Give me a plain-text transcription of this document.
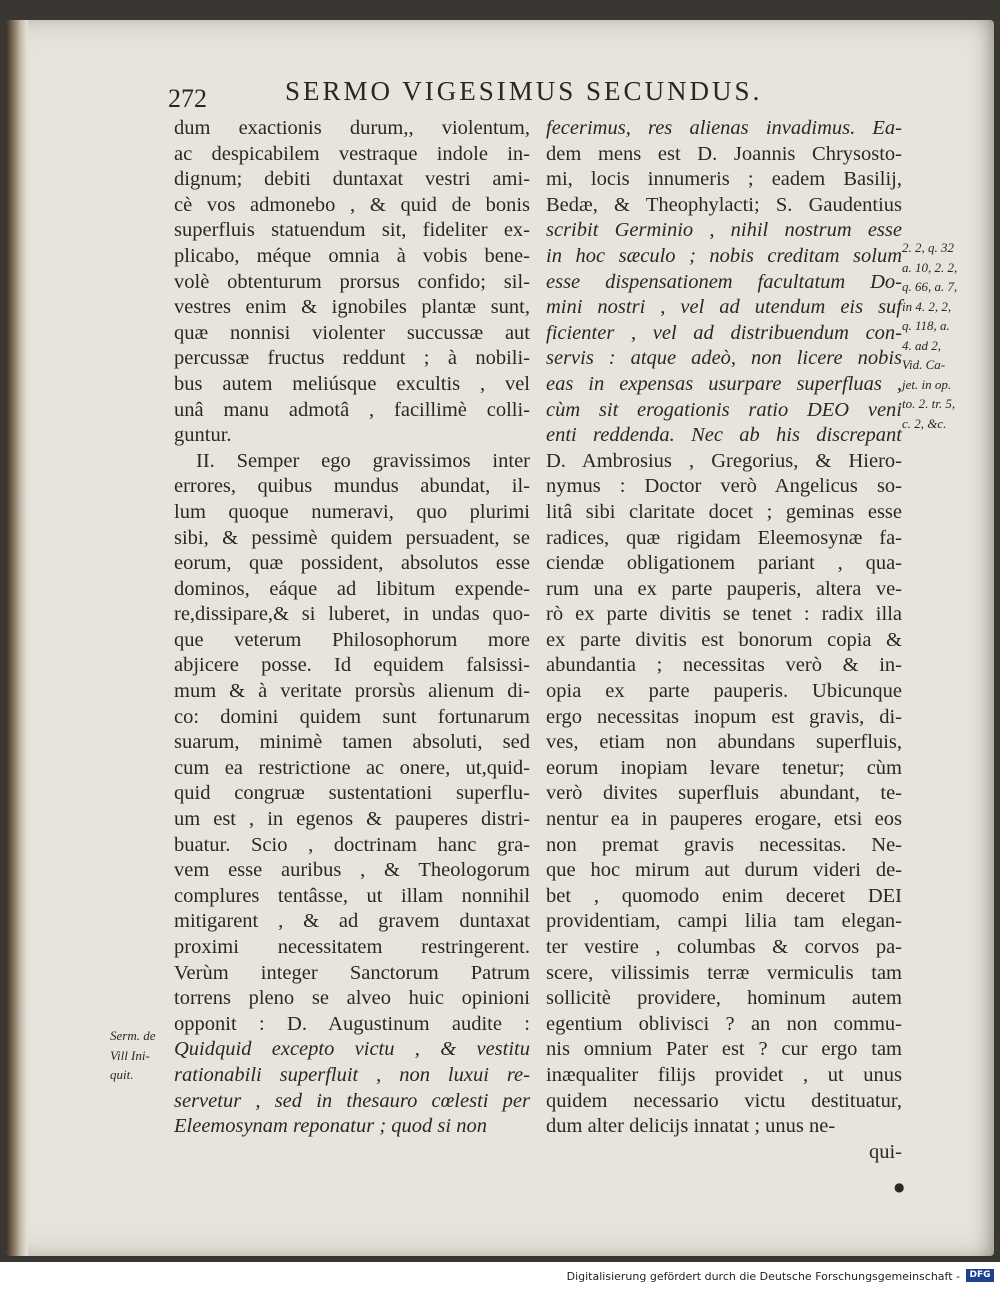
272	SERMO VIGESIMUS SECUNDUS.
dum exactionis durum,, violentum,
ac despicabilem vestraque indole in-
dignum; debiti duntaxat vestri ami-
cè vos admonebo , & quid de bonis
superfluis statuendum sit, fideliter ex-
plicabo, méque omnia à vobis bene-
volè obtenturum prorsus confido; sil-
vestres enim & ignobiles plantæ sunt,
quæ nonnisi violenter succussæ aut
percussæ fructus reddunt ; à nobili-
bus autem meliúsque excultis , vel
unâ manu admotâ , facillimè colli-
guntur.
II. Semper ego gravissimos inter
errores, quibus mundus abundat, il-
lum quoque numeravi, quo plurimi
sibi, & pessimè quidem persuadent, se
eorum, quæ possident, absolutos esse
dominos, eáque ad libitum expende-
re,dissipare,& si luberet, in undas quo-
que veterum Philosophorum more
abjicere posse. Id equidem falsissi-
mum & à veritate prorsùs alienum di-
co: domini quidem sunt fortunarum
suarum, minimè tamen absoluti, sed
cum ea restrictione ac onere, ut,quid-
quid congruæ sustentationi superflu-
um est , in egenos & pauperes distri-
buatur. Scio , doctrinam hanc gra-
vem esse auribus , & Theologorum
complures tentâsse, ut illam nonnihil
mitigarent , & ad gravem duntaxat
proximi necessitatem restringerent.
Verùm integer Sanctorum Patrum
torrens pleno se alveo huic opinioni
opponit : D. Augustinum audite :
Quidquid excepto victu , & vestitu
rationabili superfluit , non luxui re-
servetur , sed in thesauro cœlesti per
Eleemosynam reponatur ; quod si non
fecerimus, res alienas invadimus. Ea-
dem mens est D. Joannis Chrysosto-
mi, locis innumeris ; eadem Basilij,
Bedæ, & Theophylacti; S. Gaudentius
scribit Germinio , nihil nostrum esse
in hoc sæculo ; nobis creditam solum
esse dispensationem facultatum Do-
mini nostri , vel ad utendum eis suf
ficienter , vel ad distribuendum con-
servis : atque adeò, non licere nobis
eas in expensas usurpare superfluas ,
cùm sit erogationis ratio DEO veni
enti reddenda. Nec ab his discrepant
D. Ambrosius , Gregorius, & Hiero-
nymus : Doctor verò Angelicus so-
litâ sibi claritate docet ; geminas esse
radices, quæ rigidam Eleemosynæ fa-
ciendæ obligationem pariant , qua-
rum una ex parte pauperis, altera ve-
rò ex parte divitis se tenet : radix illa
ex parte divitis est bonorum copia &
abundantia ; necessitas verò & in-
opia ex parte pauperis. Ubicunque
ergo necessitas inopum est gravis, di-
ves, etiam non abundans superfluis,
eorum inopiam levare tenetur; cùm
verò divites superfluis abundant, te-
nentur ea in pauperes erogare, etsi eos
non premat gravis necessitas. Ne-
que hoc mirum aut durum videri de-
bet , quomodo enim deceret DEI
providentiam, campi lilia tam elegan-
ter vestire , columbas & corvos pa-
scere, vilissimis terræ vermiculis tam
sollicitè providere, hominum autem
egentium oblivisci ? an non commu-
nis omnium Pater est ? cur ergo tam
inæqualiter filijs providet , ut unus
quidem necessario victu destituatur,
dum alter delicijs innatat ; unus ne-
qui-
2. 2, q. 32
a. 10, 2. 2,
q. 66, a. 7,
in 4. 2, 2,
q. 118, a.
4. ad 2,
Vid. Ca-
jet. in op.
to. 2. tr. 5,
c. 2, &c.
Serm. de
Vill Ini-
quit.
●
Digitalisierung gefördert durch die Deutsche Forschungsgemeinschaft -	DFG
